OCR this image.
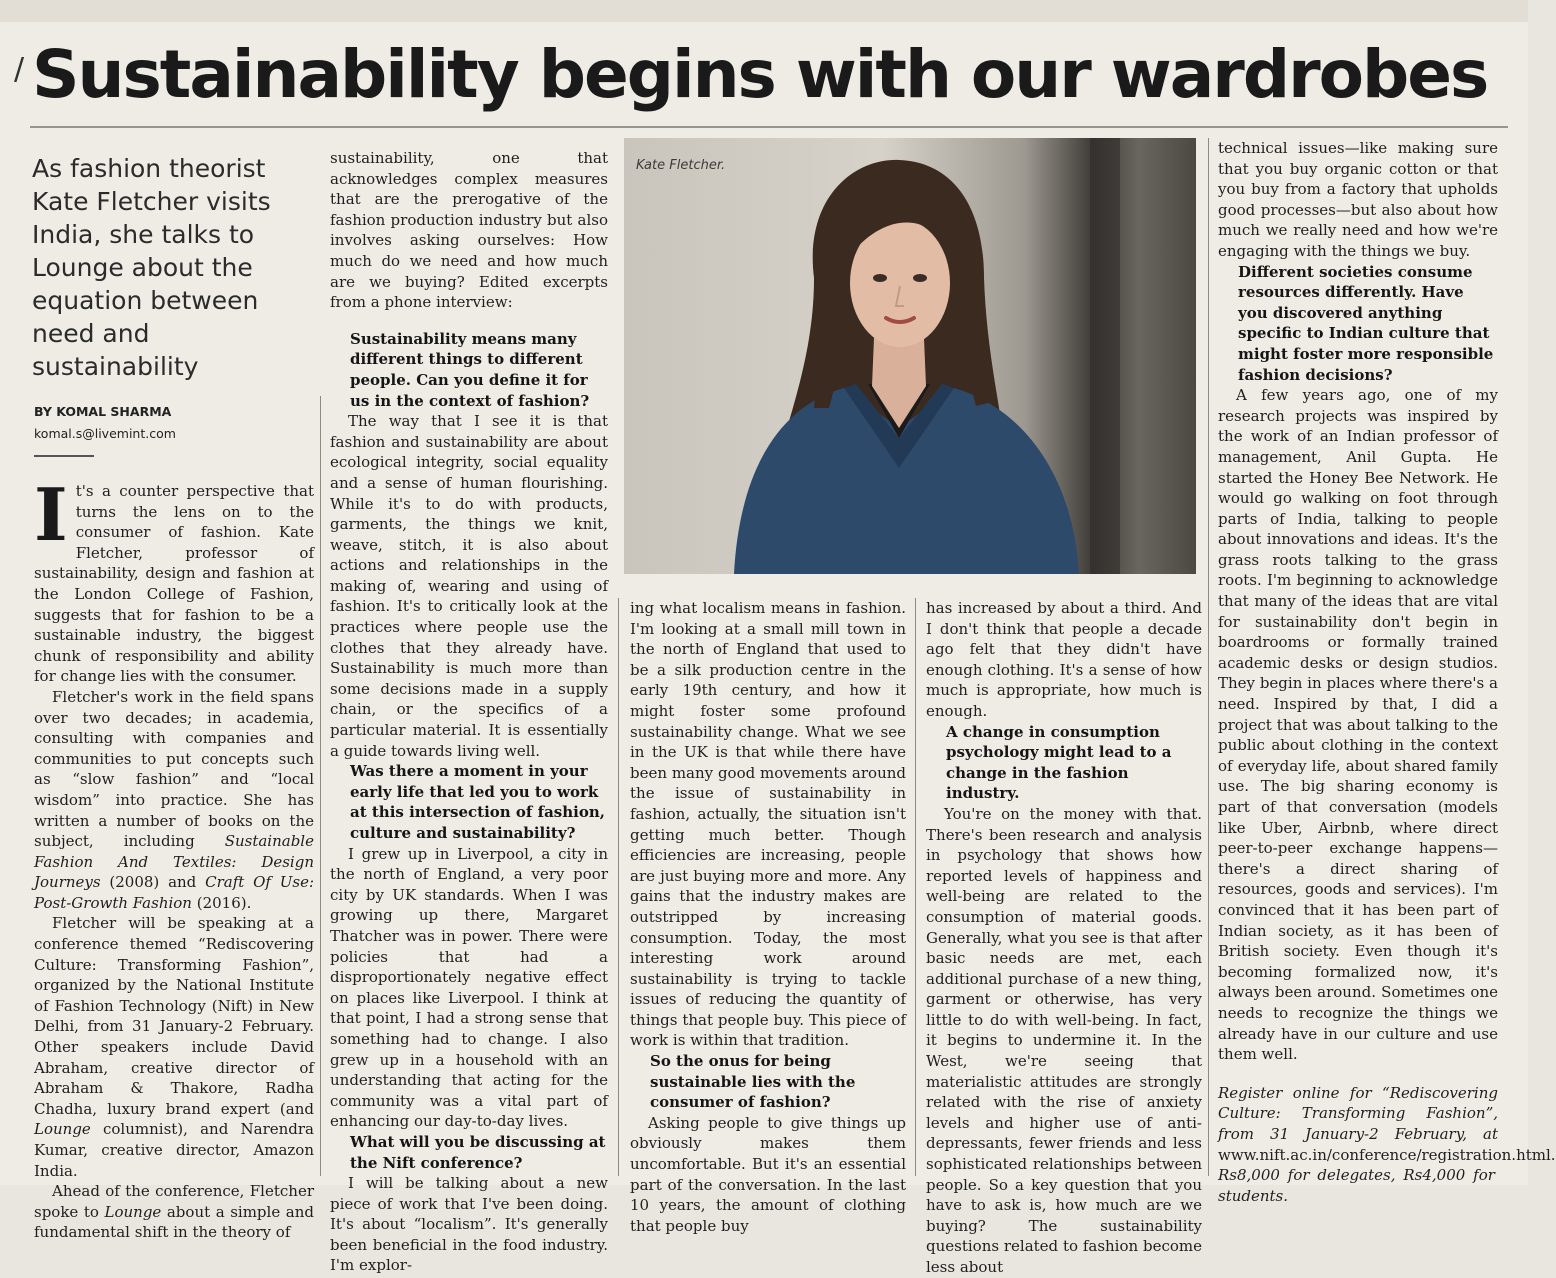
/ Sustainability begins with our wardrobes
As fashion theorist Kate Fletcher visits India, she talks to Lounge about the equation between need and sustainability
BY KOMAL SHARMA
komal.s@livemint.com

It's a counter perspective that turns the lens on to the consumer of fashion. Kate Fletcher, professor of sustainability, design and fashion at the London College of Fashion, suggests that for fashion to be a sustainable industry, the biggest chunk of responsibility and ability for change lies with the consumer.

Fletcher's work in the field spans over two decades; in academia, consulting with companies and communities to put concepts such as “slow fashion” and “local wisdom” into practice. She has written a number of books on the subject, including Sustainable Fashion And Textiles: Design Journeys (2008) and Craft Of Use: Post-Growth Fashion (2016).

Fletcher will be speaking at a conference themed “Rediscovering Culture: Transforming Fashion”, organized by the National Institute of Fashion Technology (Nift) in New Delhi, from 31 January-2 February. Other speakers include David Abraham, creative director of Abraham & Thakore, Radha Chadha, luxury brand expert (and Lounge columnist), and Narendra Kumar, creative director, Amazon India.

Ahead of the conference, Fletcher spoke to Lounge about a simple and fundamental shift in the theory of

sustainability, one that acknowledges complex measures that are the prerogative of the fashion production industry but also involves asking ourselves: How much do we need and how much are we buying? Edited excerpts from a phone interview:

Sustainability means many different things to different people. Can you define it for us in the context of fashion?

The way that I see it is that fashion and sustainability are about ecological integrity, social equality and a sense of human flourishing. While it's to do with products, garments, the things we knit, weave, stitch, it is also about actions and relationships in the making of, wearing and using of fashion. It's to critically look at the practices where people use the clothes that they already have. Sustainability is much more than some decisions made in a supply chain, or the specifics of a particular material. It is essentially a guide towards living well.

Was there a moment in your early life that led you to work at this intersection of fashion, culture and sustainability?

I grew up in Liverpool, a city in the north of England, a very poor city by UK standards. When I was growing up there, Margaret Thatcher was in power. There were policies that had a disproportionately negative effect on places like Liverpool. I think at that point, I had a strong sense that something had to change. I also grew up in a household with an understanding that acting for the community was a vital part of enhancing our day-to-day lives.

What will you be discussing at the Nift conference?

I will be talking about a new piece of work that I've been doing. It's about “localism”. It's generally been beneficial in the food industry. I'm explor-

Kate Fletcher.

ing what localism means in fashion. I'm looking at a small mill town in the north of England that used to be a silk production centre in the early 19th century, and how it might foster some profound sustainability change. What we see in the UK is that while there have been many good movements around the issue of sustainability in fashion, actually, the situation isn't getting much better. Though efficiencies are increasing, people are just buying more and more. Any gains that the industry makes are outstripped by increasing consumption. Today, the most interesting work around sustainability is trying to tackle issues of reducing the quantity of things that people buy. This piece of work is within that tradition.

So the onus for being sustainable lies with the consumer of fashion?

Asking people to give things up obviously makes them uncomfortable. But it's an essential part of the conversation. In the last 10 years, the amount of clothing that people buy

has increased by about a third. And I don't think that people a decade ago felt that they didn't have enough clothing. It's a sense of how much is appropriate, how much is enough.

A change in consumption psychology might lead to a change in the fashion industry.

You're on the money with that. There's been research and analysis in psychology that shows how reported levels of happiness and well-being are related to the consumption of material goods. Generally, what you see is that after basic needs are met, each additional purchase of a new thing, garment or otherwise, has very little to do with well-being. In fact, it begins to undermine it. In the West, we're seeing that materialistic attitudes are strongly related with the rise of anxiety levels and higher use of anti-depressants, fewer friends and less sophisticated relationships between people. So a key question that you have to ask is, how much are we buying? The sustainability questions related to fashion become less about

technical issues—like making sure that you buy organic cotton or that you buy from a factory that upholds good processes—but also about how much we really need and how we're engaging with the things we buy.

Different societies consume resources differently. Have you discovered anything specific to Indian culture that might foster more responsible fashion decisions?

A few years ago, one of my research projects was inspired by the work of an Indian professor of management, Anil Gupta. He started the Honey Bee Network. He would go walking on foot through parts of India, talking to people about innovations and ideas. It's the grass roots talking to the grass roots. I'm beginning to acknowledge that many of the ideas that are vital for sustainability don't begin in boardrooms or formally trained academic desks or design studios. They begin in places where there's a need. Inspired by that, I did a project that was about talking to the public about clothing in the context of everyday life, about shared family use. The big sharing economy is part of that conversation (models like Uber, Airbnb, where direct peer-to-peer exchange happens—there's a direct sharing of resources, goods and services). I'm convinced that it has been part of Indian society, as it has been of British society. Even though it's becoming formalized now, it's always been around. Sometimes one needs to recognize the things we already have in our culture and use them well.

Register online for “Rediscovering Culture: Transforming Fashion”, from 31 January-2 February, at www.nift.ac.in/conference/registration.html. Rs8,000 for delegates, Rs4,000 for students.
